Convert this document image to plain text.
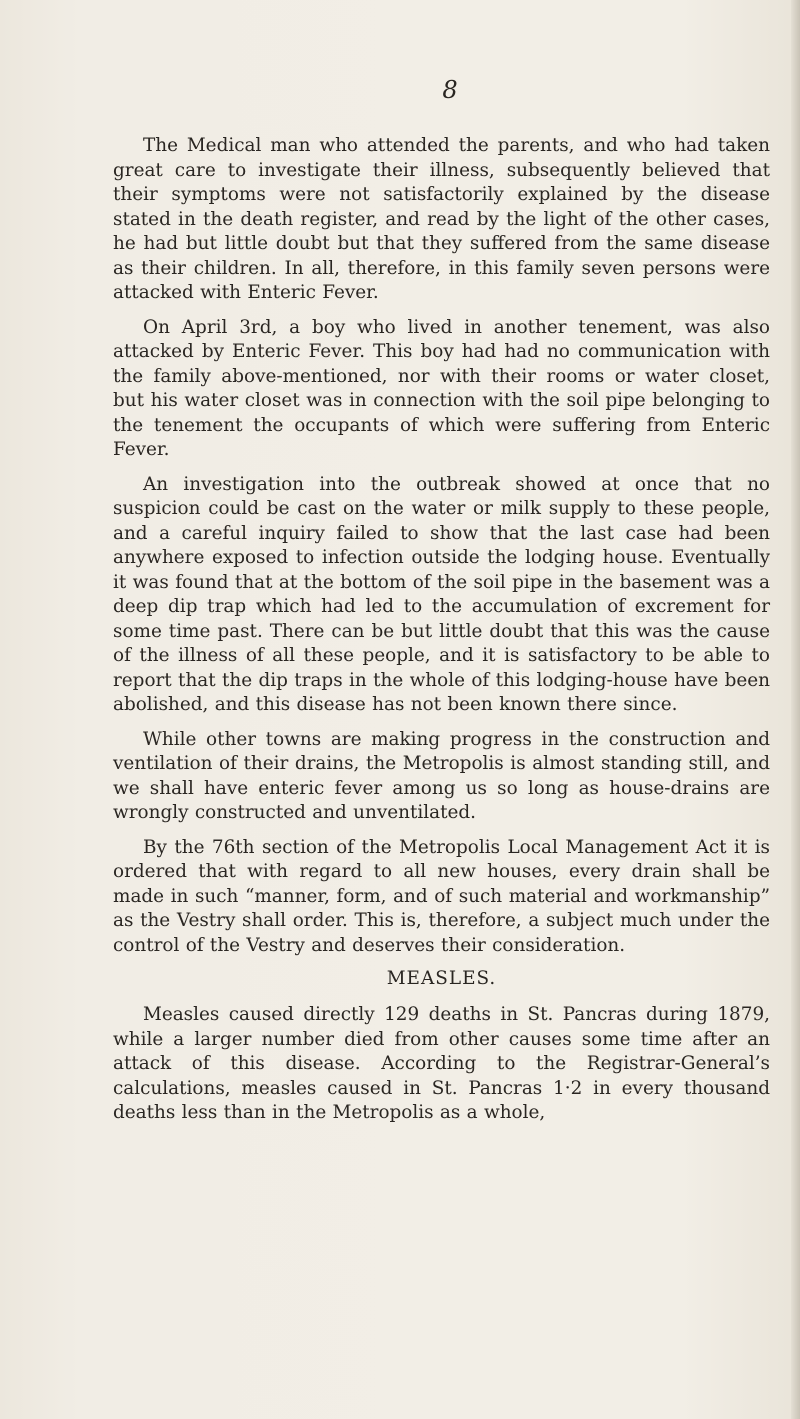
8

The Medical man who attended the parents, and who had taken great care to investigate their illness, subsequently believed that their symptoms were not satisfactorily explained by the disease stated in the death register, and read by the light of the other cases, he had but little doubt but that they suffered from the same disease as their children. In all, therefore, in this family seven persons were attacked with Enteric Fever.

On April 3rd, a boy who lived in another tenement, was also attacked by Enteric Fever. This boy had had no communication with the family above-mentioned, nor with their rooms or water closet, but his water closet was in connection with the soil pipe belonging to the tenement the occupants of which were suffering from Enteric Fever.

An investigation into the outbreak showed at once that no suspicion could be cast on the water or milk supply to these people, and a careful inquiry failed to show that the last case had been anywhere exposed to infection outside the lodging house. Eventually it was found that at the bottom of the soil pipe in the basement was a deep dip trap which had led to the accumulation of excrement for some time past. There can be but little doubt that this was the cause of the illness of all these people, and it is satisfactory to be able to report that the dip traps in the whole of this lodging-house have been abolished, and this disease has not been known there since.

While other towns are making progress in the construction and ventilation of their drains, the Metropolis is almost standing still, and we shall have enteric fever among us so long as house-drains are wrongly constructed and unventilated.

By the 76th section of the Metropolis Local Management Act it is ordered that with regard to all new houses, every drain shall be made in such “manner, form, and of such material and workmanship” as the Vestry shall order. This is, therefore, a subject much under the control of the Vestry and deserves their consideration.

MEASLES.

Measles caused directly 129 deaths in St. Pancras during 1879, while a larger number died from other causes some time after an attack of this disease. According to the Registrar-General’s calculations, measles caused in St. Pancras 1·2 in every thousand deaths less than in the Metropolis as a whole,
